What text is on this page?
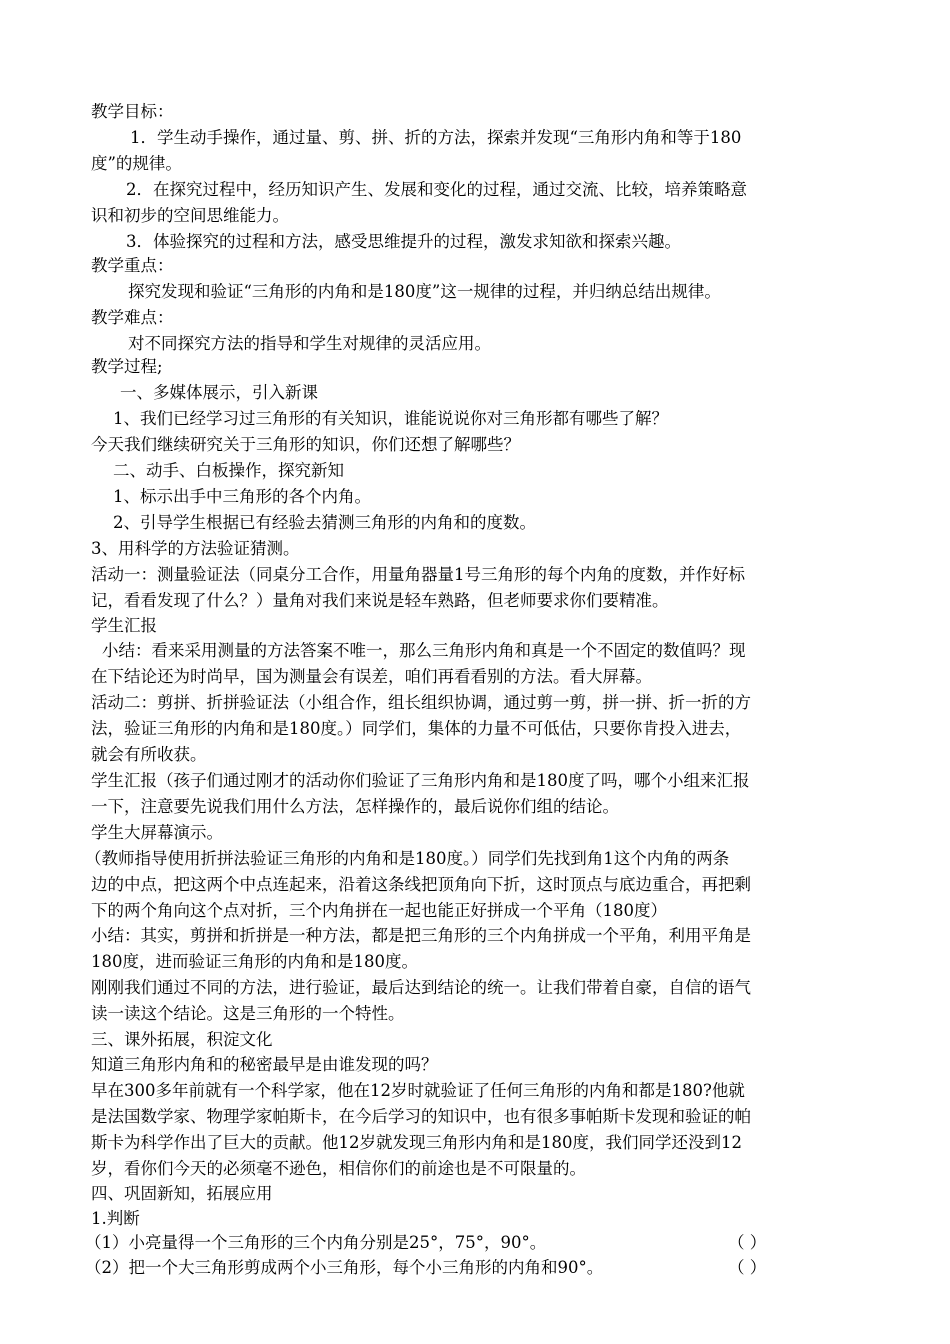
教学目标：
1．学生动手操作，通过量、剪、拼、折的方法，探索并发现“三角形内角和等于180
度”的规律。
2．在探究过程中，经历知识产生、发展和变化的过程，通过交流、比较，培养策略意
识和初步的空间思维能力。
3．体验探究的过程和方法，感受思维提升的过程，激发求知欲和探索兴趣。
教学重点：
探究发现和验证“三角形的内角和是180度”这一规律的过程，并归纳总结出规律。
教学难点：
对不同探究方法的指导和学生对规律的灵活应用。
教学过程;
一、多媒体展示，引入新课
1、我们已经学习过三角形的有关知识，谁能说说你对三角形都有哪些了解？
今天我们继续研究关于三角形的知识，你们还想了解哪些？
二、动手、白板操作，探究新知
1、标示出手中三角形的各个内角。
2、引导学生根据已有经验去猜测三角形的内角和的度数。
3、用科学的方法验证猜测。
活动一：测量验证法（同桌分工合作，用量角器量1号三角形的每个内角的度数，并作好标
记，看看发现了什么？）量角对我们来说是轻车熟路，但老师要求你们要精准。
学生汇报
小结：看来采用测量的方法答案不唯一，那么三角形内角和真是一个不固定的数值吗？现
在下结论还为时尚早，国为测量会有误差，咱们再看看别的方法。看大屏幕。
活动二：剪拼、折拼验证法（小组合作，组长组织协调，通过剪一剪，拼一拼、折一折的方
法，验证三角形的内角和是180度。）同学们，集体的力量不可低估，只要你肯投入进去，
就会有所收获。
学生汇报（孩子们通过刚才的活动你们验证了三角形内角和是180度了吗，哪个小组来汇报
一下，注意要先说我们用什么方法，怎样操作的，最后说你们组的结论。
学生大屏幕演示。
（教师指导使用折拼法验证三角形的内角和是180度。）同学们先找到角1这个内角的两条
边的中点，把这两个中点连起来，沿着这条线把顶角向下折，这时顶点与底边重合，再把剩
下的两个角向这个点对折，三个内角拼在一起也能正好拼成一个平角（180度）
小结：其实，剪拼和折拼是一种方法，都是把三角形的三个内角拼成一个平角，利用平角是
180度，进而验证三角形的内角和是180度。
刚刚我们通过不同的方法，进行验证，最后达到结论的统一。让我们带着自豪，自信的语气
读一读这个结论。这是三角形的一个特性。
三、课外拓展，积淀文化
知道三角形内角和的秘密最早是由谁发现的吗？
早在300多年前就有一个科学家，他在12岁时就验证了任何三角形的内角和都是180?他就
是法国数学家、物理学家帕斯卡，在今后学习的知识中，也有很多事帕斯卡发现和验证的帕
斯卡为科学作出了巨大的贡献。他12岁就发现三角形内角和是180度，我们同学还没到12
岁，看你们今天的必须毫不逊色，相信你们的前途也是不可限量的。
四、巩固新知，拓展应用
1.判断
（1）小亮量得一个三角形的三个内角分别是25°，75°，90°。	（ ）
（2）把一个大三角形剪成两个小三角形，每个小三角形的内角和90°。	（ ）
